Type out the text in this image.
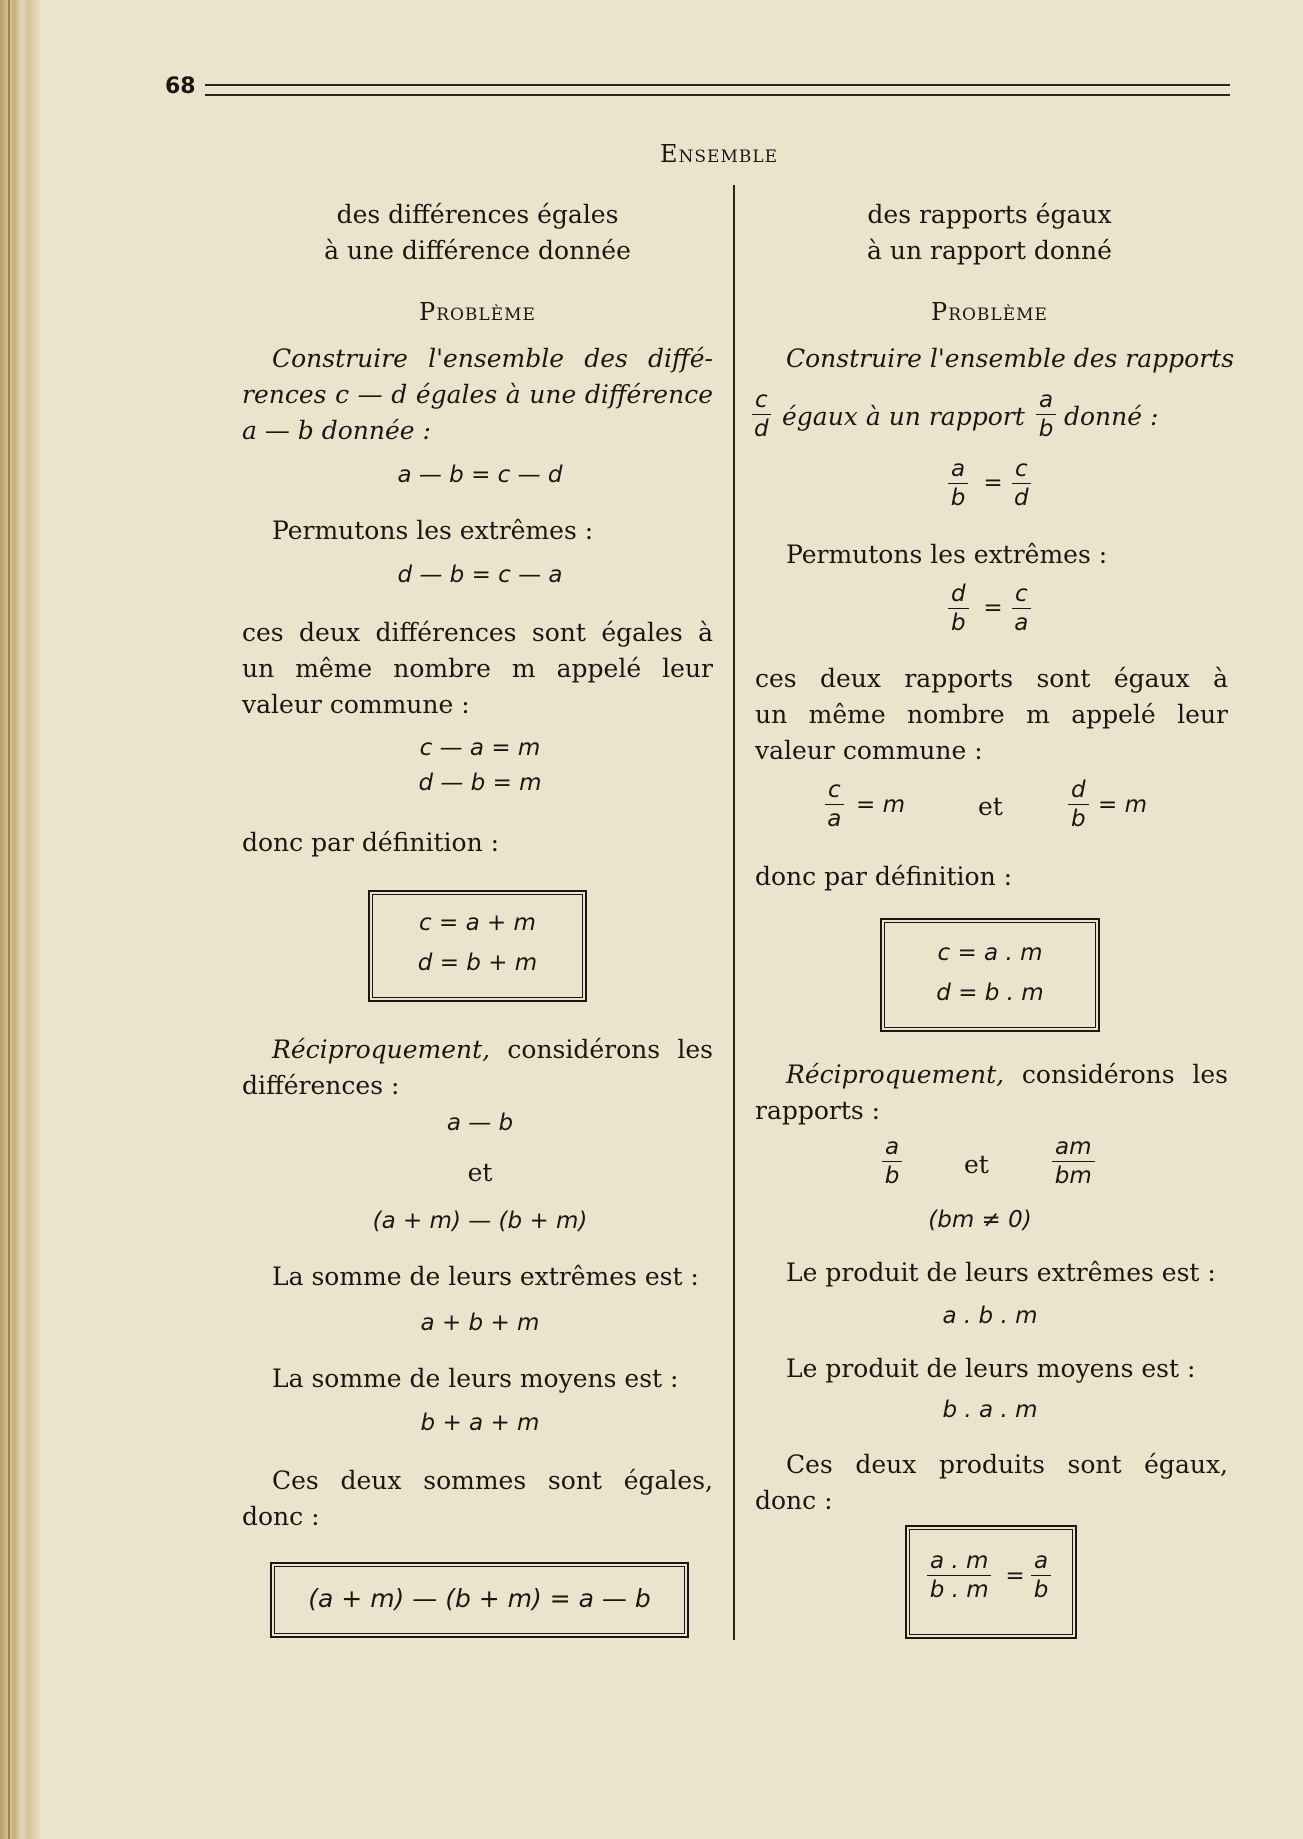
68
Ensemble
des différences égales
à une différence donnée
Problème
Construire l'ensemble des diffé-
rences c — d égales à une différence
a — b donnée :
a — b = c — d
Permutons les extrêmes :
d — b = c — a
ces deux différences sont égales à
un même nombre m appelé leur
valeur commune :
c — a = m
d — b = m
donc par définition :
c = a + m
d = b + m
Réciproquement, considérons les
différences :
a — b
et
(a + m) — (b + m)
La somme de leurs extrêmes est :
a + b + m
La somme de leurs moyens est :
b + a + m
Ces deux sommes sont égales,
donc :
(a + m) — (b + m) = a — b
des rapports égaux
à un rapport donné
Problème
Construire l'ensemble des rapports
$\frac{c}{d}$ égaux à un rapport $\frac{a}{b}$ donné :
$\frac{a}{b} = \frac{c}{d}$
Permutons les extrêmes :
$\frac{d}{b} = \frac{c}{a}$
ces deux rapports sont égaux à
un même nombre m appelé leur
valeur commune :
$\frac{c}{a} = m$	et	$\frac{d}{b} = m$
donc par définition :
c = a . m
d = b . m
Réciproquement, considérons les
rapports :
$\frac{a}{b}$ et	$\frac{am}{bm}$
(bm ≠ 0)
Le produit de leurs extrêmes est :
a . b . m
Le produit de leurs moyens est :
b . a . m
Ces deux produits sont égaux,
donc :
$\frac{a . m}{b . m} = \frac{a}{b}$
